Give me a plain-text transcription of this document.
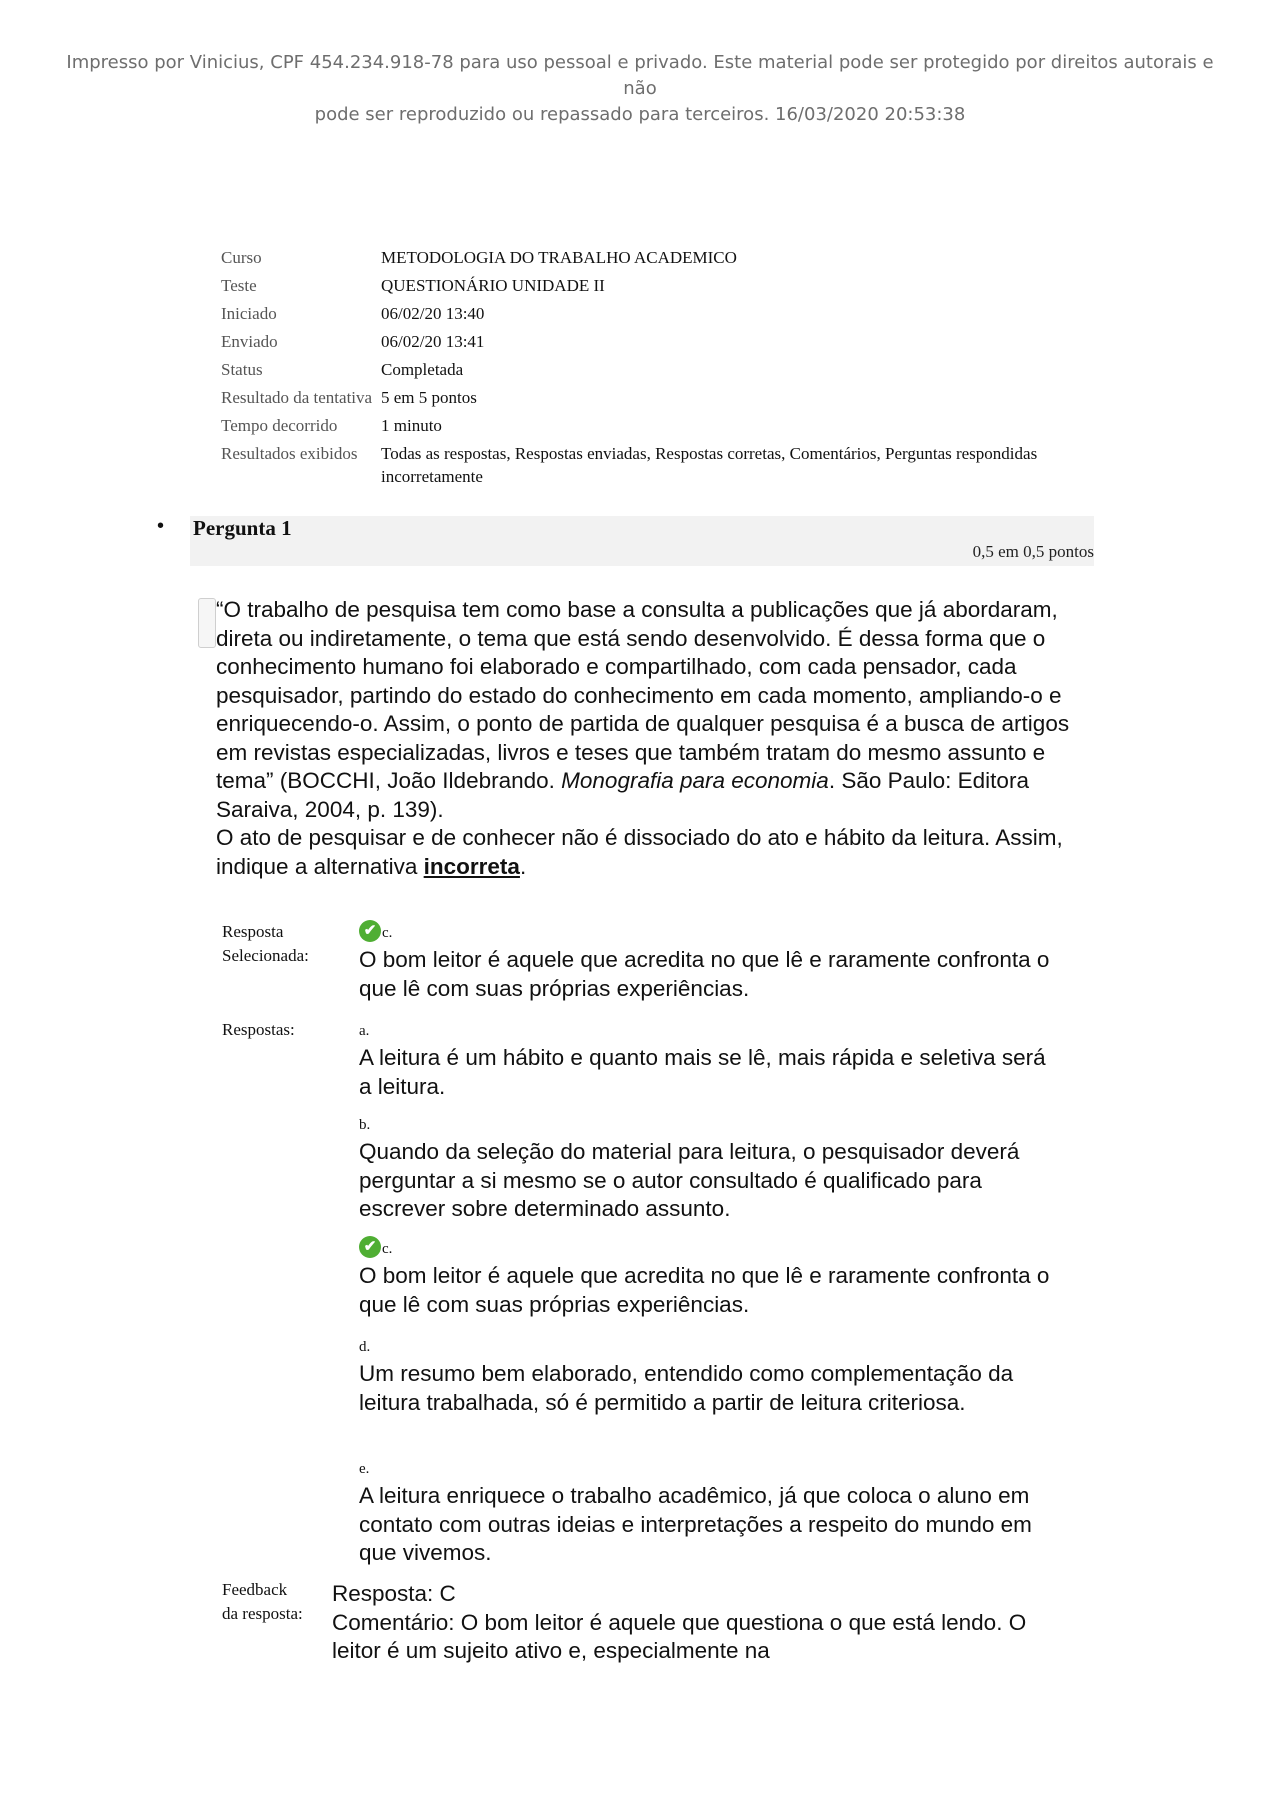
Impresso por Vinicius, CPF 454.234.918-78 para uso pessoal e privado. Este material pode ser protegido por direitos autorais e não
pode ser reproduzido ou repassado para terceiros. 16/03/2020 20:53:38
Curso	METODOLOGIA DO TRABALHO ACADEMICO
Teste	QUESTIONÁRIO UNIDADE II
Iniciado	06/02/20 13:40
Enviado	06/02/20 13:41
Status	Completada
Resultado da tentativa 5 em 5 pontos
Tempo decorrido	1 minuto
Resultados exibidos	Todas as respostas, Respostas enviadas, Respostas corretas, Comentários, Perguntas respondidas incorretamente
• Pergunta 1
0,5 em 0,5 pontos

“O trabalho de pesquisa tem como base a consulta a publicações que já abordaram, direta ou indiretamente, o tema que está sendo desenvolvido. É dessa forma que o conhecimento humano foi elaborado e compartilhado, com cada pensador, cada pesquisador, partindo do estado do conhecimento em cada momento, ampliando-o e enriquecendo-o. Assim, o ponto de partida de qualquer pesquisa é a busca de artigos em revistas especializadas, livros e teses que também tratam do mesmo assunto e tema” (BOCCHI, João Ildebrando. Monografia para economia. São Paulo: Editora Saraiva, 2004, p. 139).

O ato de pesquisar e de conhecer não é dissociado do ato e hábito da leitura. Assim, indique a alternativa incorreta.

Resposta
Selecionada:
✔ c.
O bom leitor é aquele que acredita no que lê e raramente confronta o que lê com suas próprias experiências.
Respostas:	a.
A leitura é um hábito e quanto mais se lê, mais rápida e seletiva será a leitura.
b.
Quando da seleção do material para leitura, o pesquisador deverá perguntar a si mesmo se o autor consultado é qualificado para escrever sobre determinado assunto.
✔ c.
O bom leitor é aquele que acredita no que lê e raramente confronta o que lê com suas próprias experiências.
d.
Um resumo bem elaborado, entendido como complementação da leitura trabalhada, só é permitido a partir de leitura criteriosa.
e.
A leitura enriquece o trabalho acadêmico, já que coloca o aluno em contato com outras ideias e interpretações a respeito do mundo em que vivemos.
Feedback
da resposta:
Resposta: C
Comentário: O bom leitor é aquele que questiona o que está lendo. O leitor é um sujeito ativo e, especialmente na
